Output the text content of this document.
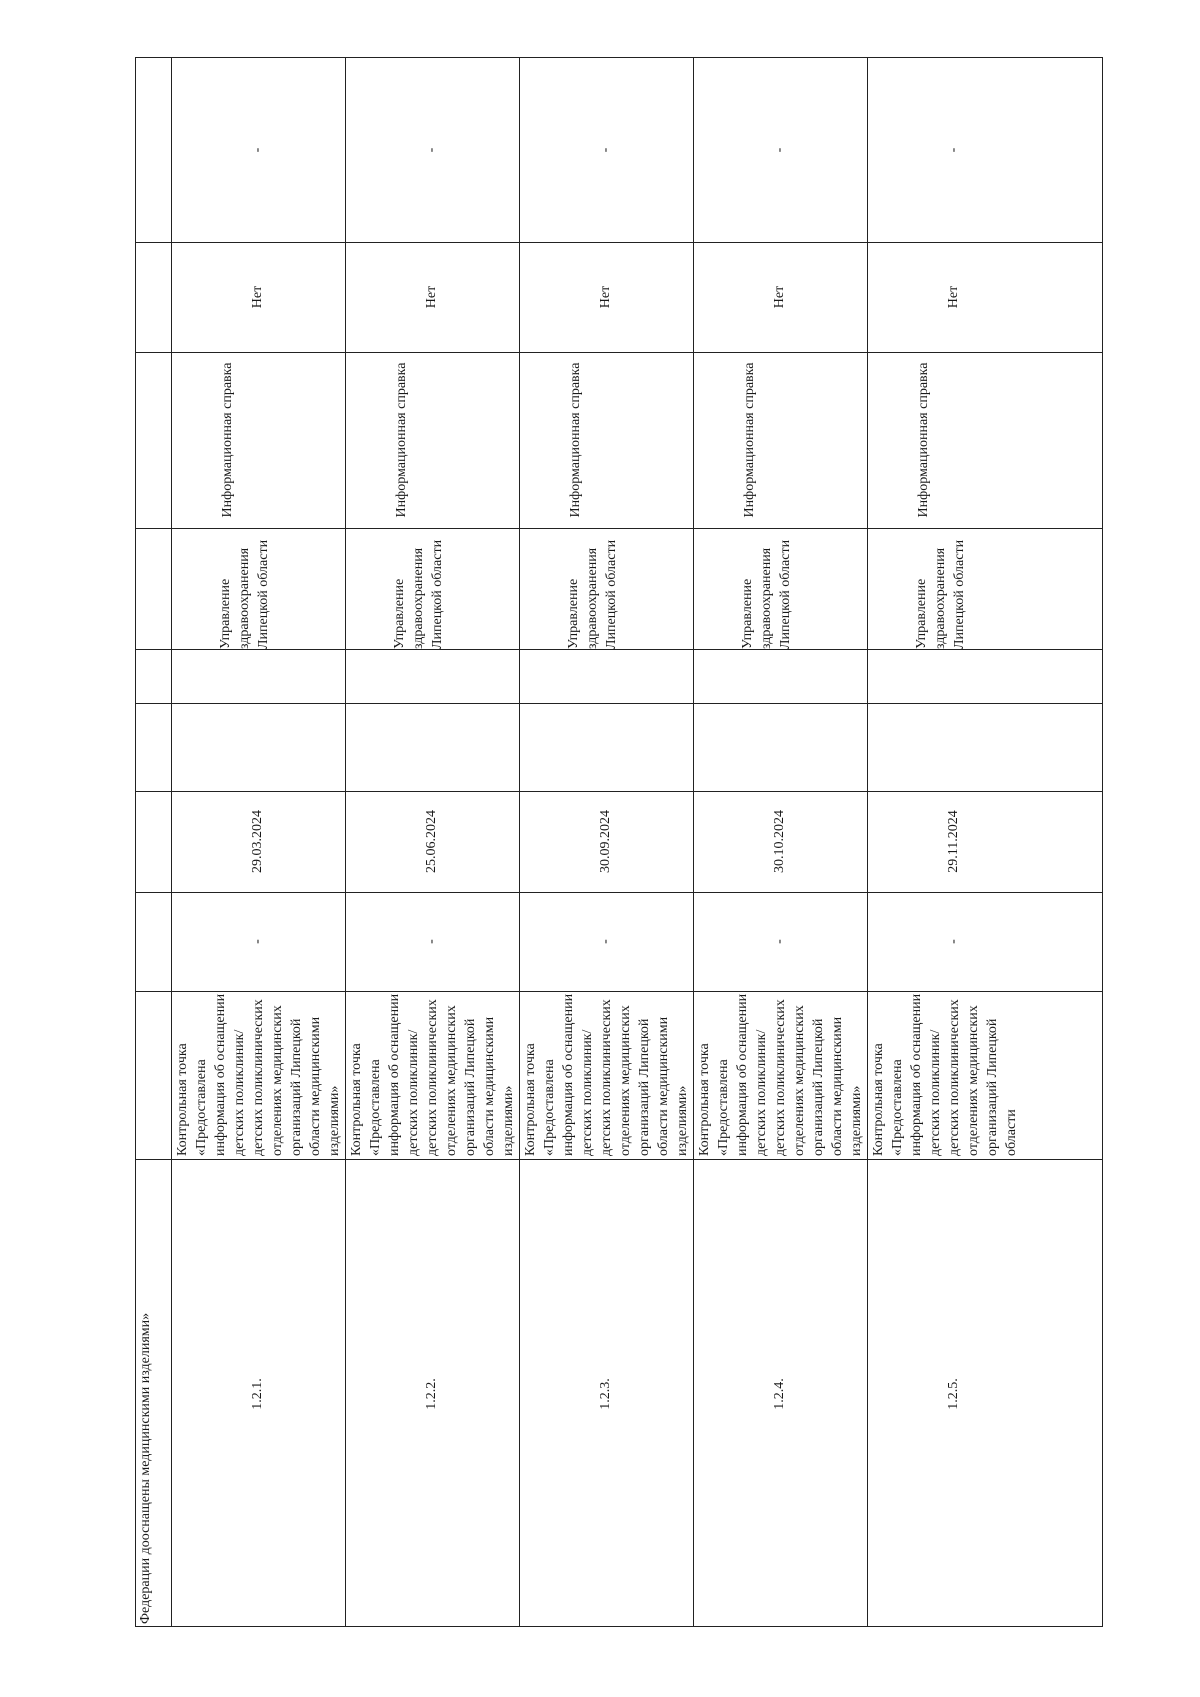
Федерации дооснащены медицинскими изделиями»	1.2.1.
Контрольная точка «Предоставлена информация об оснащении детских поликлиник/детских поликлинических отделениях медицинских организаций Липецкой области медицинскими изделиями»
-
29.03.2024
Управление здравоохранения Липецкой области
Информационная справка
Нет
-
1.2.2.
Контрольная точка «Предоставлена информация об оснащении детских поликлиник/детских поликлинических отделениях медицинских организаций Липецкой области медицинскими изделиями»
-
25.06.2024
Управление здравоохранения Липецкой области
Информационная справка
Нет
-
1.2.3.
Контрольная точка «Предоставлена информация об оснащении детских поликлиник/детских поликлинических отделениях медицинских организаций Липецкой области медицинскими изделиями»
-
30.09.2024
Управление здравоохранения Липецкой области
Информационная справка
Нет
-
1.2.4.
Контрольная точка «Предоставлена информация об оснащении детских поликлиник/детских поликлинических отделениях медицинских организаций Липецкой области медицинскими изделиями»
-
30.10.2024
Управление здравоохранения Липецкой области
Информационная справка
Нет
-
1.2.5.
Контрольная точка «Предоставлена информация об оснащении детских поликлиник/детских поликлинических отделениях медицинских организаций Липецкой области
-
29.11.2024
Управление здравоохранения Липецкой области
Информационная справка
Нет
-
